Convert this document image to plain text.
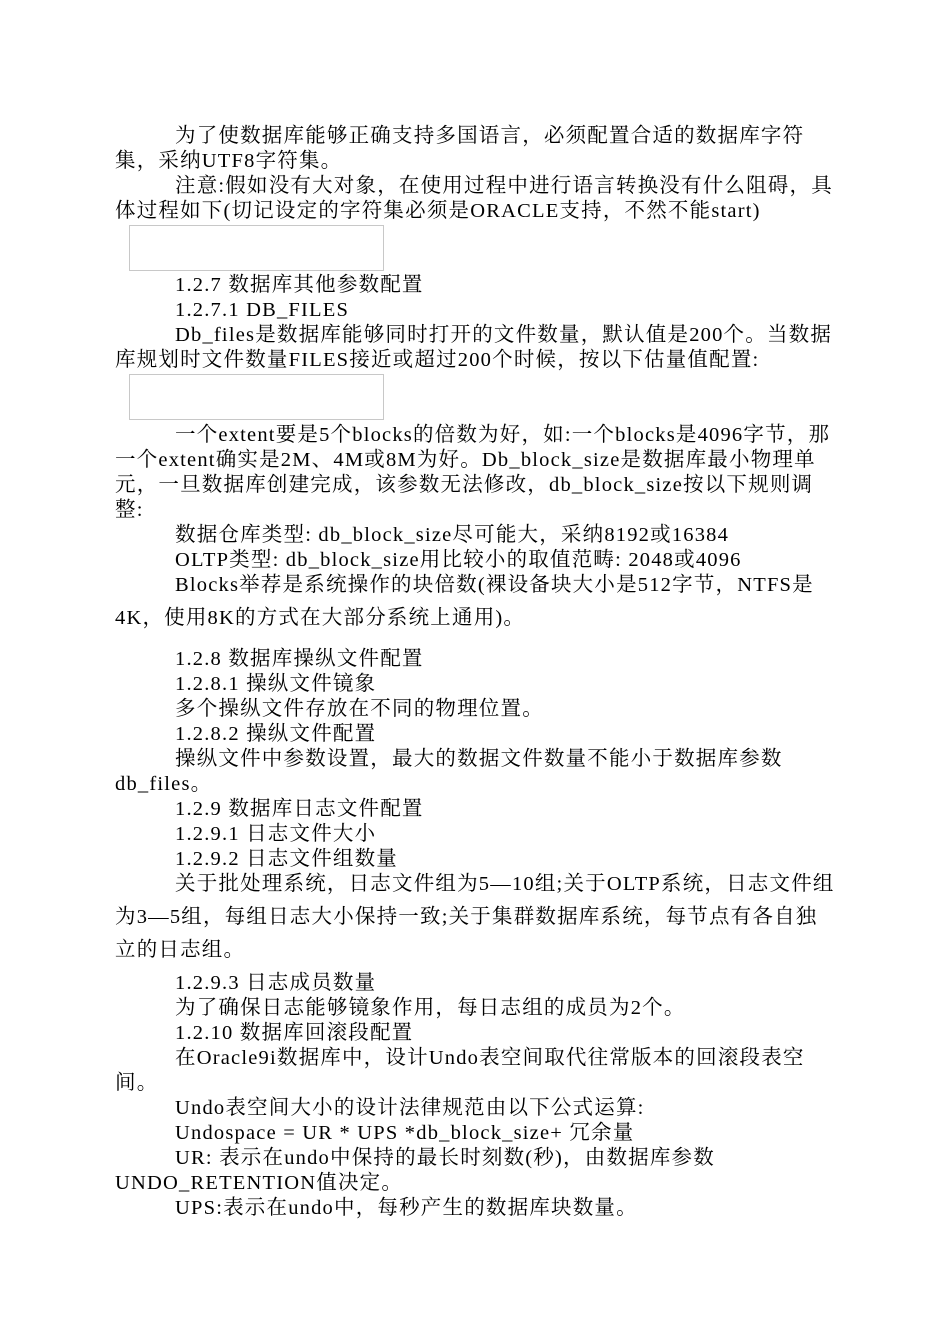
为了使数据库能够正确支持多国语言，必须配置合适的数据库字符集，采纳UTF8字符集。
注意:假如没有大对象，在使用过程中进行语言转换没有什么阻碍，具体过程如下(切记设定的字符集必须是ORACLE支持，不然不能start)
1.2.7 数据库其他参数配置
1.2.7.1 DB_FILES
Db_files是数据库能够同时打开的文件数量，默认值是200个。当数据库规划时文件数量FILES接近或超过200个时候，按以下估量值配置:
一个extent要是5个blocks的倍数为好，如:一个blocks是4096字节，那一个extent确实是2M、4M或8M为好。Db_block_size是数据库最小物理单元，一旦数据库创建完成，该参数无法修改，db_block_size按以下规则调整:
数据仓库类型: db_block_size尽可能大，采纳8192或16384
OLTP类型: db_block_size用比较小的取值范畴: 2048或4096
Blocks举荐是系统操作的块倍数(裸设备块大小是512字节，NTFS是4K，使用8K的方式在大部分系统上通用)。
1.2.8 数据库操纵文件配置
1.2.8.1 操纵文件镜象
多个操纵文件存放在不同的物理位置。
1.2.8.2 操纵文件配置
操纵文件中参数设置，最大的数据文件数量不能小于数据库参数db_files。
1.2.9 数据库日志文件配置
1.2.9.1 日志文件大小
1.2.9.2 日志文件组数量
关于批处理系统，日志文件组为5—10组;关于OLTP系统，日志文件组为3—5组，每组日志大小保持一致;关于集群数据库系统，每节点有各自独立的日志组。
1.2.9.3 日志成员数量
为了确保日志能够镜象作用，每日志组的成员为2个。
1.2.10 数据库回滚段配置
在Oracle9i数据库中，设计Undo表空间取代往常版本的回滚段表空间。
Undo表空间大小的设计法律规范由以下公式运算:
Undospace = UR * UPS *db_block_size+ 冗余量
UR: 表示在undo中保持的最长时刻数(秒)，由数据库参数UNDO_RETENTION值决定。
UPS:表示在undo中，每秒产生的数据库块数量。
